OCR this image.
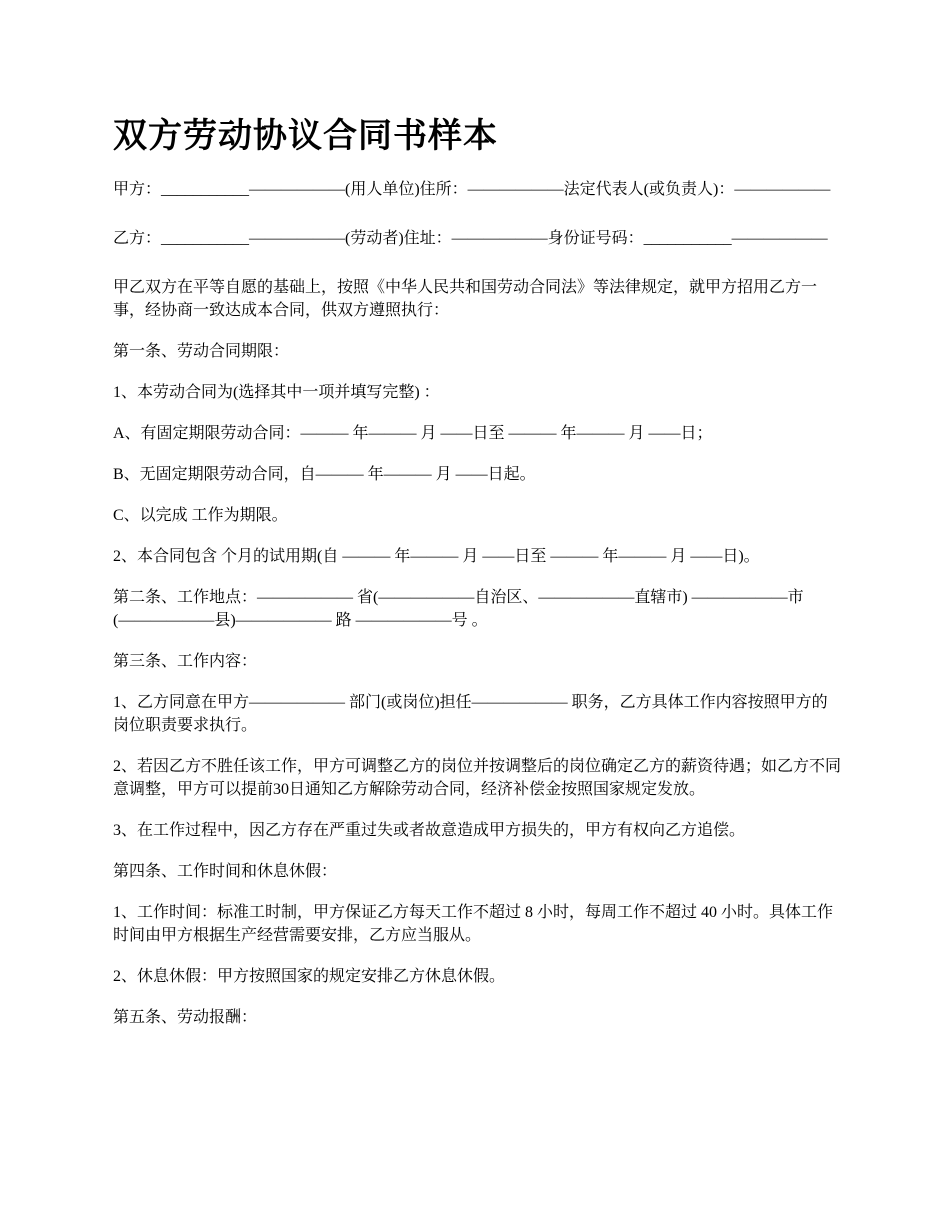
双方劳动协议合同书样本

甲方：___________——————(用人单位)住所：——————法定代表人(或负责人)：——————

乙方：___________——————(劳动者)住址：——————身份证号码：___________——————

甲乙双方在平等自愿的基础上，按照《中华人民共和国劳动合同法》等法律规定，就甲方招用乙方一事，经协商一致达成本合同，供双方遵照执行：

第一条、劳动合同期限：

1、本劳动合同为(选择其中一项并填写完整) ：

A、有固定期限劳动合同：——— 年——— 月 ——日至 ——— 年——— 月 ——日；

B、无固定期限劳动合同，自——— 年——— 月 ——日起。

C、以完成 工作为期限。

2、本合同包含 个月的试用期(自 ——— 年——— 月 ——日至 ——— 年——— 月 ——日)。

第二条、工作地点：—————— 省(——————自治区、——————直辖市) ——————市(——————县)—————— 路 ——————号 。

第三条、工作内容：

1、乙方同意在甲方—————— 部门(或岗位)担任—————— 职务，乙方具体工作内容按照甲方的岗位职责要求执行。

2、若因乙方不胜任该工作，甲方可调整乙方的岗位并按调整后的岗位确定乙方的薪资待遇；如乙方不同意调整，甲方可以提前30日通知乙方解除劳动合同，经济补偿金按照国家规定发放。

3、在工作过程中，因乙方存在严重过失或者故意造成甲方损失的，甲方有权向乙方追偿。

第四条、工作时间和休息休假：

1、工作时间：标准工时制，甲方保证乙方每天工作不超过 8 小时，每周工作不超过 40 小时。具体工作时间由甲方根据生产经营需要安排，乙方应当服从。

2、休息休假：甲方按照国家的规定安排乙方休息休假。

第五条、劳动报酬：
